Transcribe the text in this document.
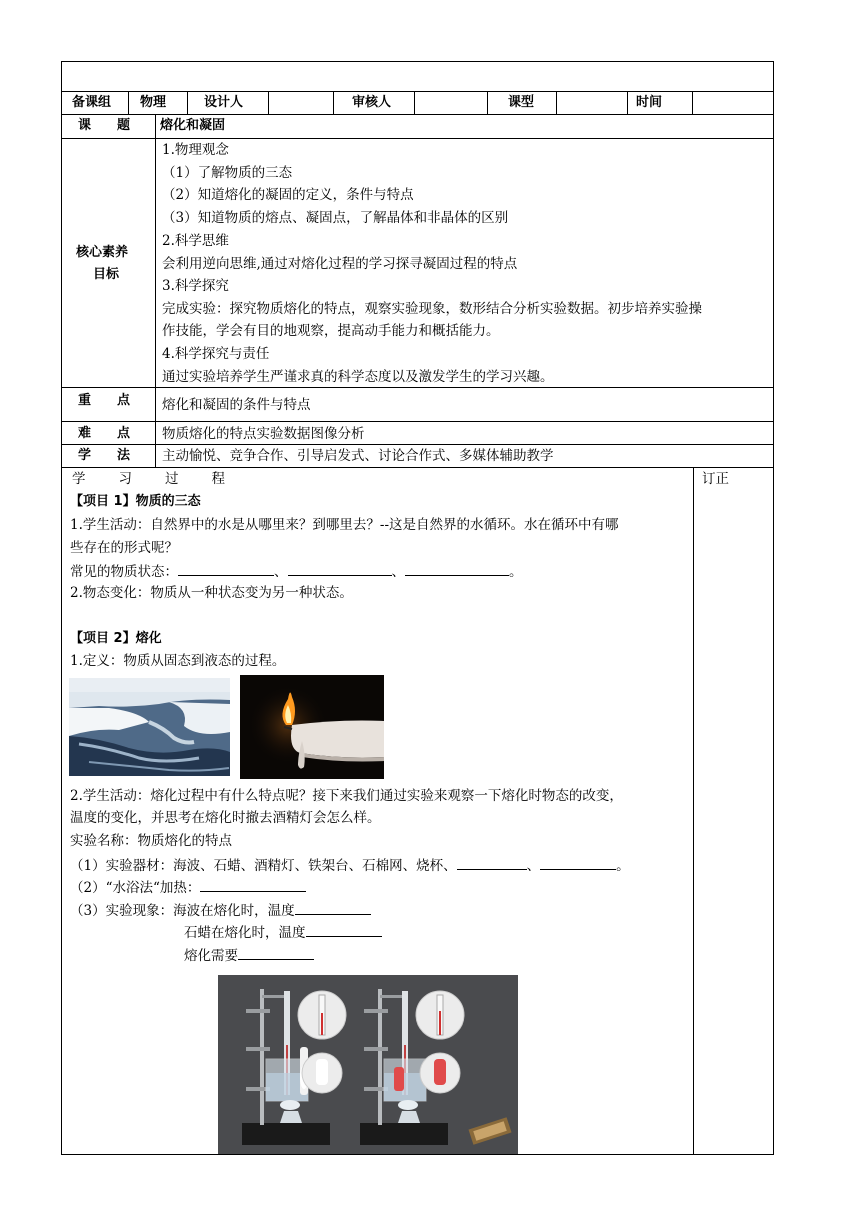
备课组 物理	设计人	审核人	课型	时间
课　　题 熔化和凝固
核心素养
目标
1.物理观念
（1）了解物质的三态
（2）知道熔化的凝固的定义，条件与特点
（3）知道物质的熔点、凝固点，了解晶体和非晶体的区别
2.科学思维
会利用逆向思维,通过对熔化过程的学习探寻凝固过程的特点
3.科学探究
完成实验：探究物质熔化的特点，观察实验现象，数形结合分析实验数据。初步培养实验操
作技能，学会有目的地观察，提高动手能力和概括能力。
4.科学探究与责任
通过实验培养学生严谨求真的科学态度以及激发学生的学习兴趣。
重　　点 熔化和凝固的条件与特点
难　　点 物质熔化的特点实验数据图像分析
学　　法 主动愉悦、竞争合作、引导启发式、讨论合作式、多媒体辅助教学
学　　习　　过　　程	订正
【项目 1】物质的三态
1.学生活动：自然界中的水是从哪里来？到哪里去？--这是自然界的水循环。水在循环中有哪
些存在的形式呢？
常见的物质状态：	、	、	。
2.物态变化：物质从一种状态变为另一种状态。
【项目 2】熔化
1.定义：物质从固态到液态的过程。
2.学生活动：熔化过程中有什么特点呢？接下来我们通过实验来观察一下熔化时物态的改变，
温度的变化，并思考在熔化时撤去酒精灯会怎么样。
实验名称：物质熔化的特点
（1）实验器材：海波、石蜡、酒精灯、铁架台、石棉网、烧杯、	、	。
（2）“水浴法“加热：
（3）实验现象：海波在熔化时，温度
石蜡在熔化时，温度
熔化需要
